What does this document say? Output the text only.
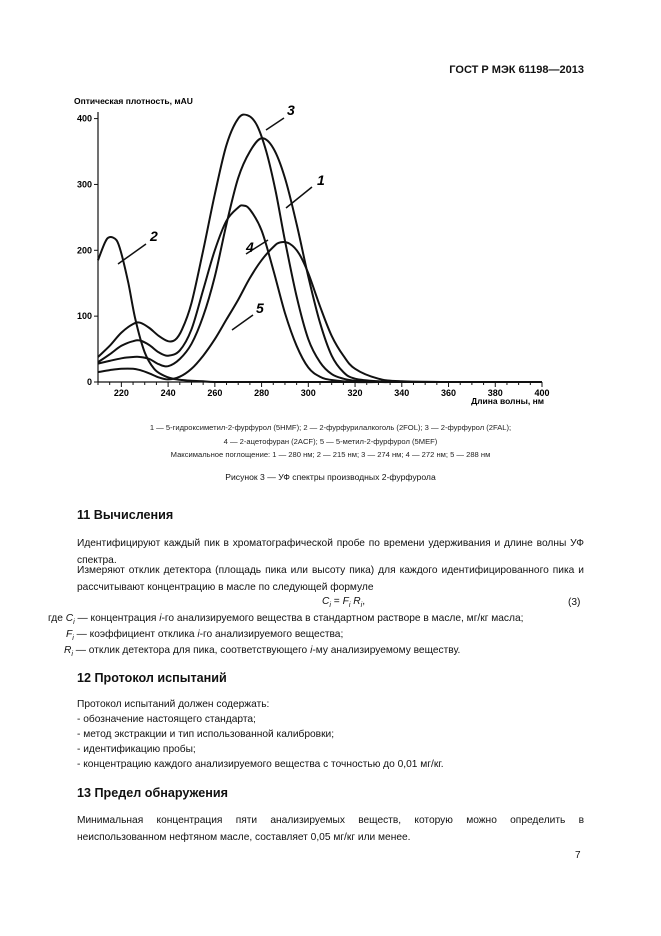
ГОСТ Р МЭК 61198—2013
Оптическая плотность, мAU
Длина волны, нм
0
100
200
300
400
220	240	260	280	300	320	340	360	380	400
1
2
3
4
5
1 — 5-гидроксиметил-2-фурфурол (5HMF); 2 — 2-фурфурилалкоголь (2FOL); 3 — 2-фурфурол (2FAL);
4 — 2-ацетофуран (2ACF); 5 — 5-метил-2-фурфурол (5MEF)
Максимальное поглощение: 1 — 280 нм; 2 — 215 нм; 3 — 274 нм; 4 — 272 нм; 5 — 288 нм
Рисунок 3 — УФ спектры производных 2-фурфурола
11 Вычисления
Идентифицируют каждый пик в хроматографической пробе по времени удерживания и длине волны УФ спектра.
Измеряют отклик детектора (площадь пика или высоту пика) для каждого идентифицированного пика и рассчитывают концентрацию в масле по следующей формуле
$C_i = F_i$ $R_i$,	(3)
где $C_i$ — концентрация i-го анализируемого вещества в стандартном растворе в масле, мг/кг масла;
$F_i$ — коэффициент отклика i-го анализируемого вещества;
$R_i$ — отклик детектора для пика, соответствующего i-му анализируемому веществу.
12 Протокол испытаний
Протокол испытаний должен содержать:
- обозначение настоящего стандарта;
- метод экстракции и тип использованной калибровки;
- идентификацию пробы;
- концентрацию каждого анализируемого вещества с точностью до 0,01 мг/кг.
13 Предел обнаружения
Минимальная концентрация пяти анализируемых веществ, которую можно определить в неиспользованном нефтяном масле, составляет 0,05 мг/кг или менее.
7
